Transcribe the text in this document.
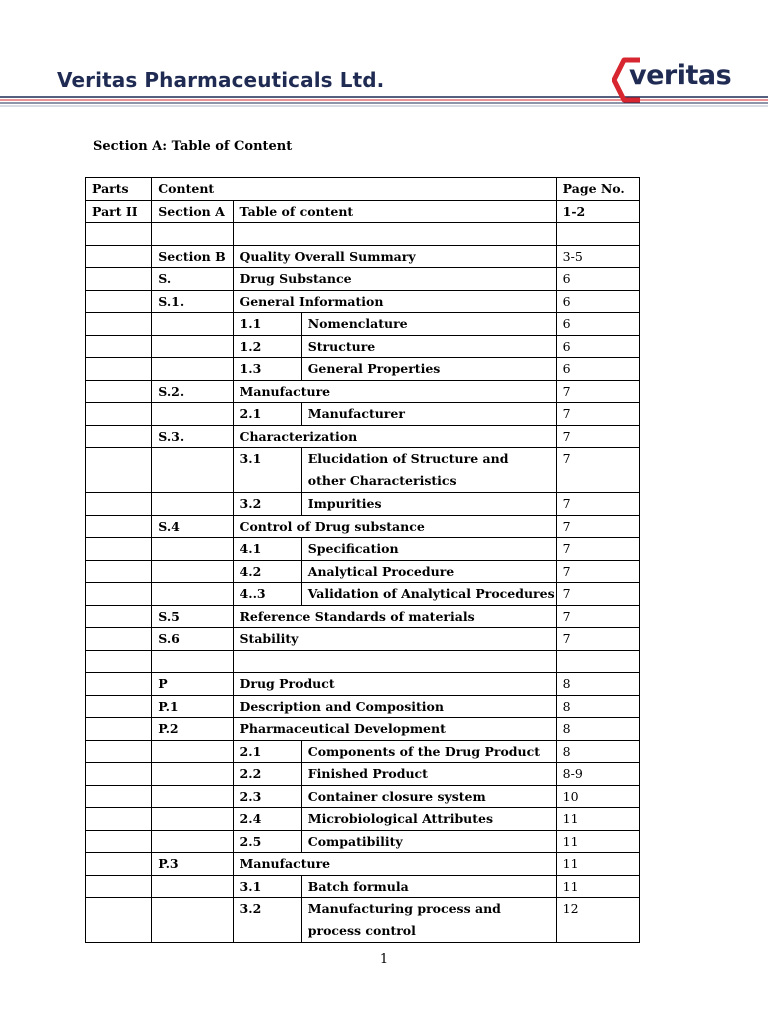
Veritas Pharmaceuticals Ltd.	veritas
Section A: Table of Content
Parts	Content			Page No.
Part II	Section A	Table of content		1-2

	Section B	Quality Overall Summary		3-5
	S.	Drug Substance		6
	S.1.	General Information		6
		1.1	Nomenclature	6
		1.2	Structure	6
		1.3	General Properties	6
	S.2.	Manufacture		7
		2.1	Manufacturer	7
	S.3.	Characterization		7
		3.1	Elucidation of Structure and other Characteristics	7
		3.2	Impurities	7
	S.4	Control of Drug substance		7
		4.1	Specification	7
		4.2	Analytical Procedure	7
		4..3	Validation of Analytical Procedures	7
	S.5	Reference Standards of materials		7
	S.6	Stability		7

	P	Drug Product		8
	P.1	Description and Composition		8
	P.2	Pharmaceutical Development		8
		2.1	Components of the Drug Product	8
		2.2	Finished Product	8-9
		2.3	Container closure system	10
		2.4	Microbiological Attributes	11
		2.5	Compatibility	11
	P.3	Manufacture		11
		3.1	Batch formula	11
		3.2	Manufacturing process and process control	12
1
